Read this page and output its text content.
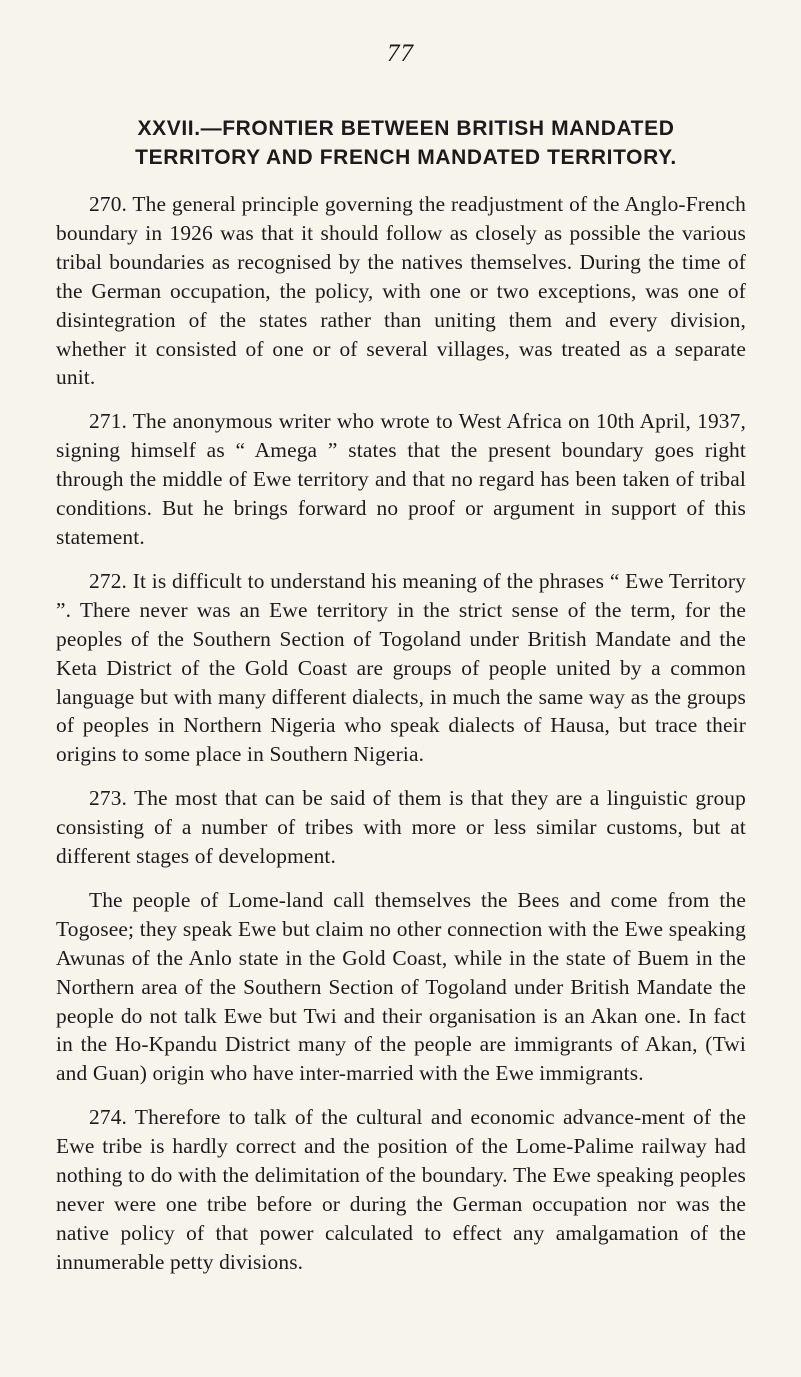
77
XXVII.—FRONTIER BETWEEN BRITISH MANDATED
TERRITORY AND FRENCH MANDATED TERRITORY.

270. The general principle governing the readjustment of the Anglo-French boundary in 1926 was that it should follow as closely as possible the various tribal boundaries as recognised by the natives themselves. During the time of the German occupation, the policy, with one or two exceptions, was one of disintegration of the states rather than uniting them and every division, whether it consisted of one or of several villages, was treated as a separate unit.

271. The anonymous writer who wrote to West Africa on 10th April, 1937, signing himself as “ Amega ” states that the present boundary goes right through the middle of Ewe territory and that no regard has been taken of tribal conditions. But he brings forward no proof or argument in support of this statement.

272. It is difficult to understand his meaning of the phrases “ Ewe Territory ”. There never was an Ewe territory in the strict sense of the term, for the peoples of the Southern Section of Togoland under British Mandate and the Keta District of the Gold Coast are groups of people united by a common language but with many different dialects, in much the same way as the groups of peoples in Northern Nigeria who speak dialects of Hausa, but trace their origins to some place in Southern Nigeria.

273. The most that can be said of them is that they are a linguistic group consisting of a number of tribes with more or less similar customs, but at different stages of development.

The people of Lome-land call themselves the Bees and come from the Togosee; they speak Ewe but claim no other connection with the Ewe speaking Awunas of the Anlo state in the Gold Coast, while in the state of Buem in the Northern area of the Southern Section of Togoland under British Mandate the people do not talk Ewe but Twi and their organisation is an Akan one. In fact in the Ho-Kpandu District many of the people are immigrants of Akan, (Twi and Guan) origin who have inter-married with the Ewe immigrants.

274. Therefore to talk of the cultural and economic advance-ment of the Ewe tribe is hardly correct and the position of the Lome-Palime railway had nothing to do with the delimitation of the boundary. The Ewe speaking peoples never were one tribe before or during the German occupation nor was the native policy of that power calculated to effect any amalgamation of the innumerable petty divisions.
